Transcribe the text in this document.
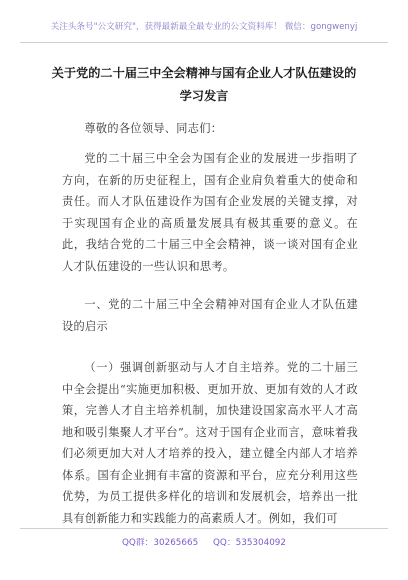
关注头条号"公文研究"，获得最新最全最专业的公文资料库！ 微信：gongwenyj
关于党的二十届三中全会精神与国有企业人才队伍建设的
学习发言

尊敬的各位领导、同志们：

党的二十届三中全会为国有企业的发展进一步指明了方向，在新的历史征程上，国有企业肩负着重大的使命和责任。而人才队伍建设作为国有企业发展的关键支撑，对于实现国有企业的高质量发展具有极其重要的意义。在此，我结合党的二十届三中全会精神，谈一谈对国有企业人才队伍建设的一些认识和思考。

一、党的二十届三中全会精神对国有企业人才队伍建设的启示

（一）强调创新驱动与人才自主培养。党的二十届三中全会提出“实施更加积极、更加开放、更加有效的人才政策，完善人才自主培养机制，加快建设国家高水平人才高地和吸引集聚人才平台”。这对于国有企业而言，意味着我们必须更加大对人才培养的投入，建立健全内部人才培养体系。国有企业拥有丰富的资源和平台，应充分利用这些优势，为员工提供多样化的培训和发展机会，培养出一批具有创新能力和实践能力的高素质人才。例如，我们可

QQ群：30265665 QQ：535304092
